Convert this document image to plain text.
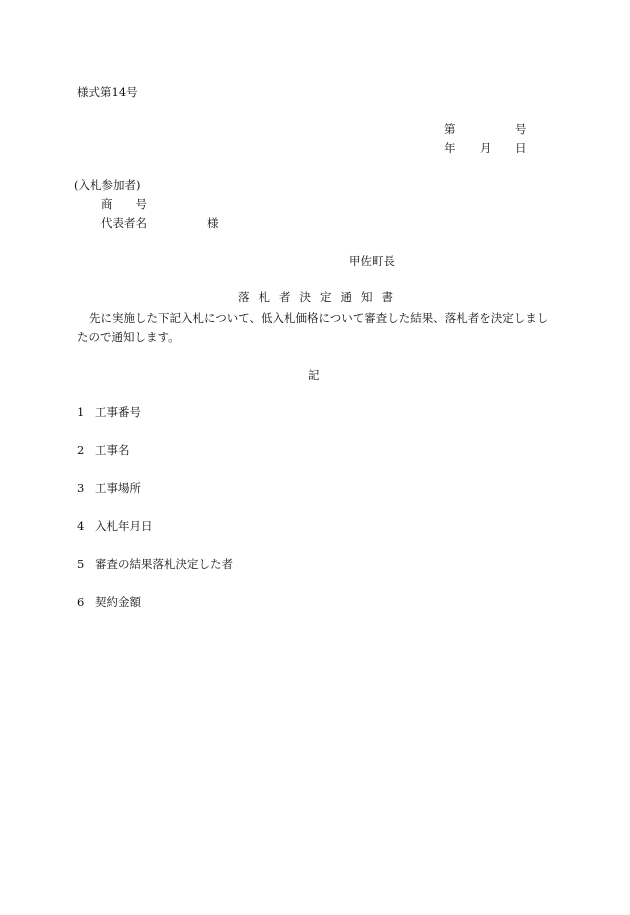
様式第14号
第	号
年 月 日
(入札参加者)
商 号
代表者名	様
甲佐町長
落 札 者 決 定 通 知 書
先に実施した下記入札について、低入札価格について審査した結果、落札者を決定しましたので通知します。
記
1 工事番号
2 工事名
3 工事場所
4 入札年月日
5 審査の結果落札決定した者
6 契約金額
